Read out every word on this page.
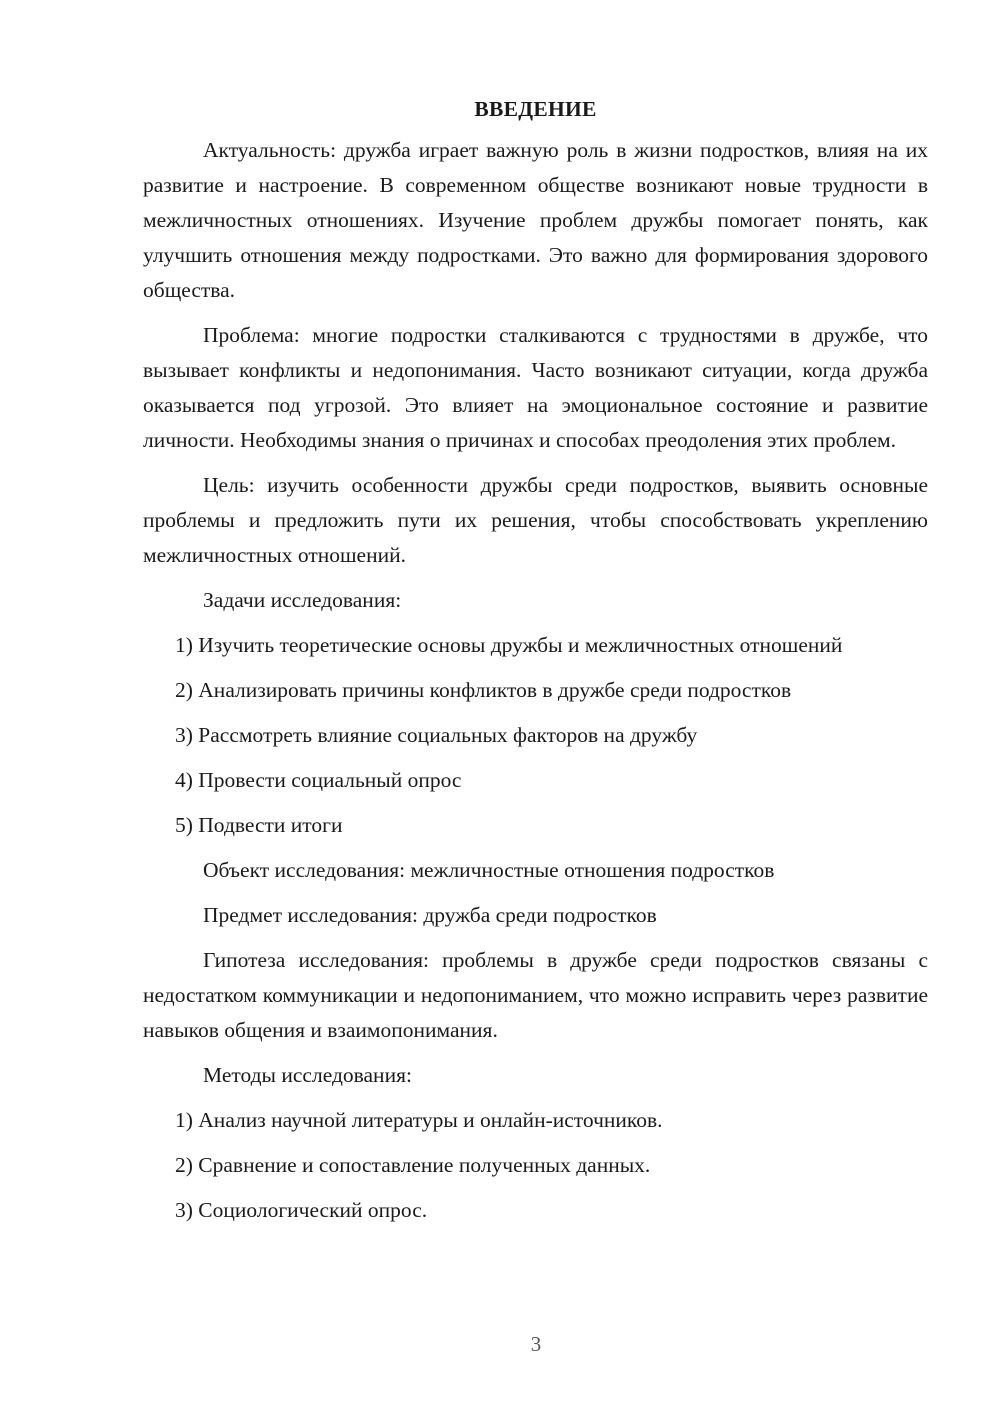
ВВЕДЕНИЕ

Актуальность: дружба играет важную роль в жизни подростков, влияя на их развитие и настроение. В современном обществе возникают новые трудности в межличностных отношениях. Изучение проблем дружбы помогает понять, как улучшить отношения между подростками. Это важно для формирования здорового общества.

Проблема: многие подростки сталкиваются с трудностями в дружбе, что вызывает конфликты и недопонимания. Часто возникают ситуации, когда дружба оказывается под угрозой. Это влияет на эмоциональное состояние и развитие личности. Необходимы знания о причинах и способах преодоления этих проблем.

Цель: изучить особенности дружбы среди подростков, выявить основные проблемы и предложить пути их решения, чтобы способствовать укреплению межличностных отношений.

Задачи исследования:

1) Изучить теоретические основы дружбы и межличностных отношений

2) Анализировать причины конфликтов в дружбе среди подростков

3) Рассмотреть влияние социальных факторов на дружбу

4) Провести социальный опрос

5) Подвести итоги

Объект исследования: межличностные отношения подростков

Предмет исследования: дружба среди подростков

Гипотеза исследования: проблемы в дружбе среди подростков связаны с недостатком коммуникации и недопониманием, что можно исправить через развитие навыков общения и взаимопонимания.

Методы исследования:

1) Анализ научной литературы и онлайн-источников.

2) Сравнение и сопоставление полученных данных.

3) Социологический опрос.

3
